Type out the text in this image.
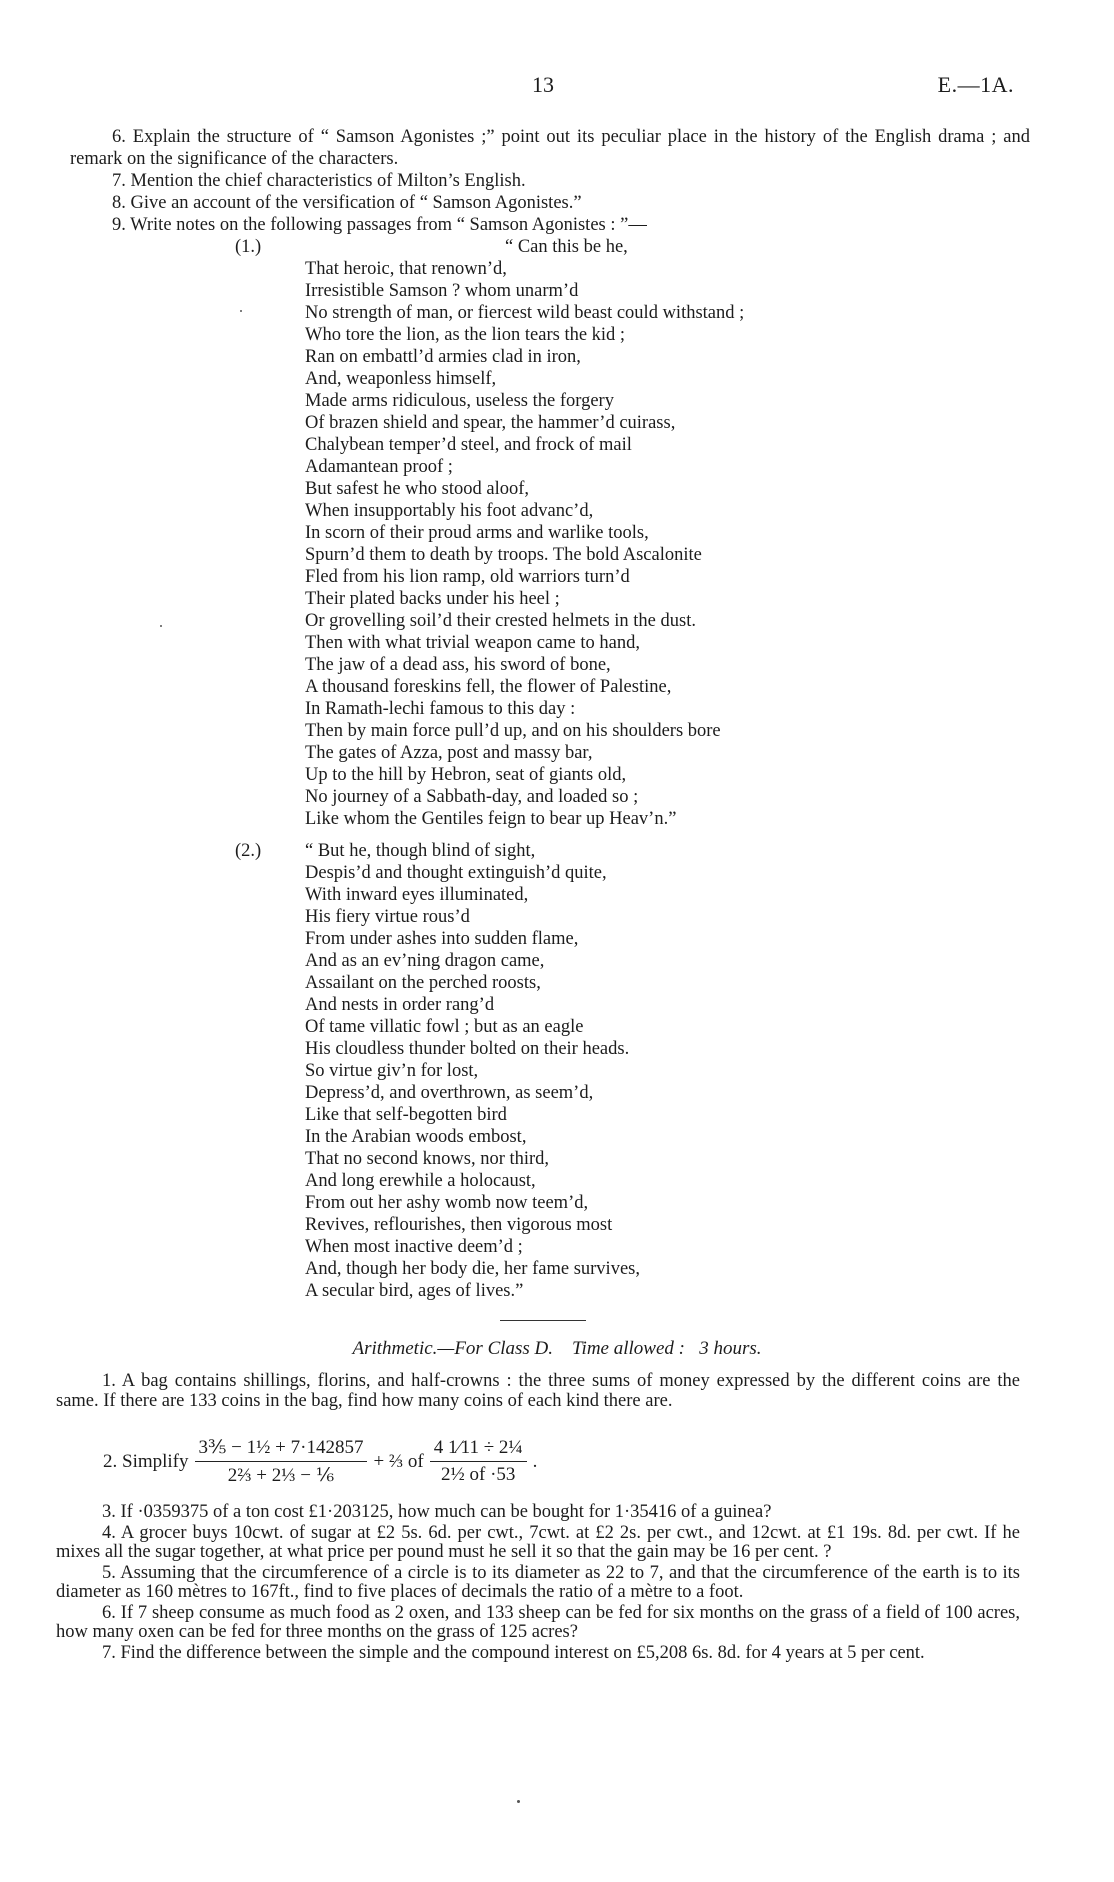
13	E.—1A.

6. Explain the structure of “ Samson Agonistes ;” point out its peculiar place in the history of the English drama ; and remark on the significance of the characters.

7. Mention the chief characteristics of Milton’s English.

8. Give an account of the versification of “ Samson Agonistes.”

9. Write notes on the following passages from “ Samson Agonistes : ”—

(1.)	“ Can this be he,
That heroic, that renown’d,
Irresistible Samson ? whom unarm’d
No strength of man, or fiercest wild beast could withstand ;
Who tore the lion, as the lion tears the kid ;
Ran on embattl’d armies clad in iron,
And, weaponless himself,
Made arms ridiculous, useless the forgery
Of brazen shield and spear, the hammer’d cuirass,
Chalybean temper’d steel, and frock of mail
Adamantean proof ;
But safest he who stood aloof,
When insupportably his foot advanc’d,
In scorn of their proud arms and warlike tools,
Spurn’d them to death by troops. The bold Ascalonite
Fled from his lion ramp, old warriors turn’d
Their plated backs under his heel ;
Or grovelling soil’d their crested helmets in the dust.
Then with what trivial weapon came to hand,
The jaw of a dead ass, his sword of bone,
A thousand foreskins fell, the flower of Palestine,
In Ramath-lechi famous to this day :
Then by main force pull’d up, and on his shoulders bore
The gates of Azza, post and massy bar,
Up to the hill by Hebron, seat of giants old,
No journey of a Sabbath-day, and loaded so ;
Like whom the Gentiles feign to bear up Heav’n.”
(2.)	“ But he, though blind of sight,
Despis’d and thought extinguish’d quite,
With inward eyes illuminated,
His fiery virtue rous’d
From under ashes into sudden flame,
And as an ev’ning dragon came,
Assailant on the perched roosts,
And nests in order rang’d
Of tame villatic fowl ; but as an eagle
His cloudless thunder bolted on their heads.
So virtue giv’n for lost,
Depress’d, and overthrown, as seem’d,
Like that self-begotten bird
In the Arabian woods embost,
That no second knows, nor third,
And long erewhile a holocaust,
From out her ashy womb now teem’d,
Revives, reflourishes, then vigorous most
When most inactive deem’d ;
And, though her body die, her fame survives,
A secular bird, ages of lives.”
Arithmetic.—For Class D. Time allowed : 3 hours.

1. A bag contains shillings, florins, and half-crowns : the three sums of money expressed by the different coins are the same. If there are 133 coins in the bag, find how many coins of each kind there are.

2. Simplify $\frac{\text{3⅗ − 1½ + 7·142857}}{\text{2⅔ + 2⅓ − ⅙}}$ +
⅔
of $\frac{\text{4 1⁄11 ÷ 2¼}}{\text{2½ of ·53}}$ .

3. If ·0359375 of a ton cost £1·203125, how much can be bought for 1·35416 of a guinea?

4. A grocer buys 10cwt. of sugar at £2 5s. 6d. per cwt., 7cwt. at £2 2s. per cwt., and 12cwt. at £1 19s. 8d. per cwt. If he mixes all the sugar together, at what price per pound must he sell it so that the gain may be 16 per cent. ?

5. Assuming that the circumference of a circle is to its diameter as 22 to 7, and that the circumference of the earth is to its diameter as 160 mètres to 167ft., find to five places of decimals the ratio of a mètre to a foot.

6. If 7 sheep consume as much food as 2 oxen, and 133 sheep can be fed for six months on the grass of a field of 100 acres, how many oxen can be fed for three months on the grass of 125 acres?

7. Find the difference between the simple and the compound interest on £5,208 6s. 8d. for 4 years at 5 per cent.
